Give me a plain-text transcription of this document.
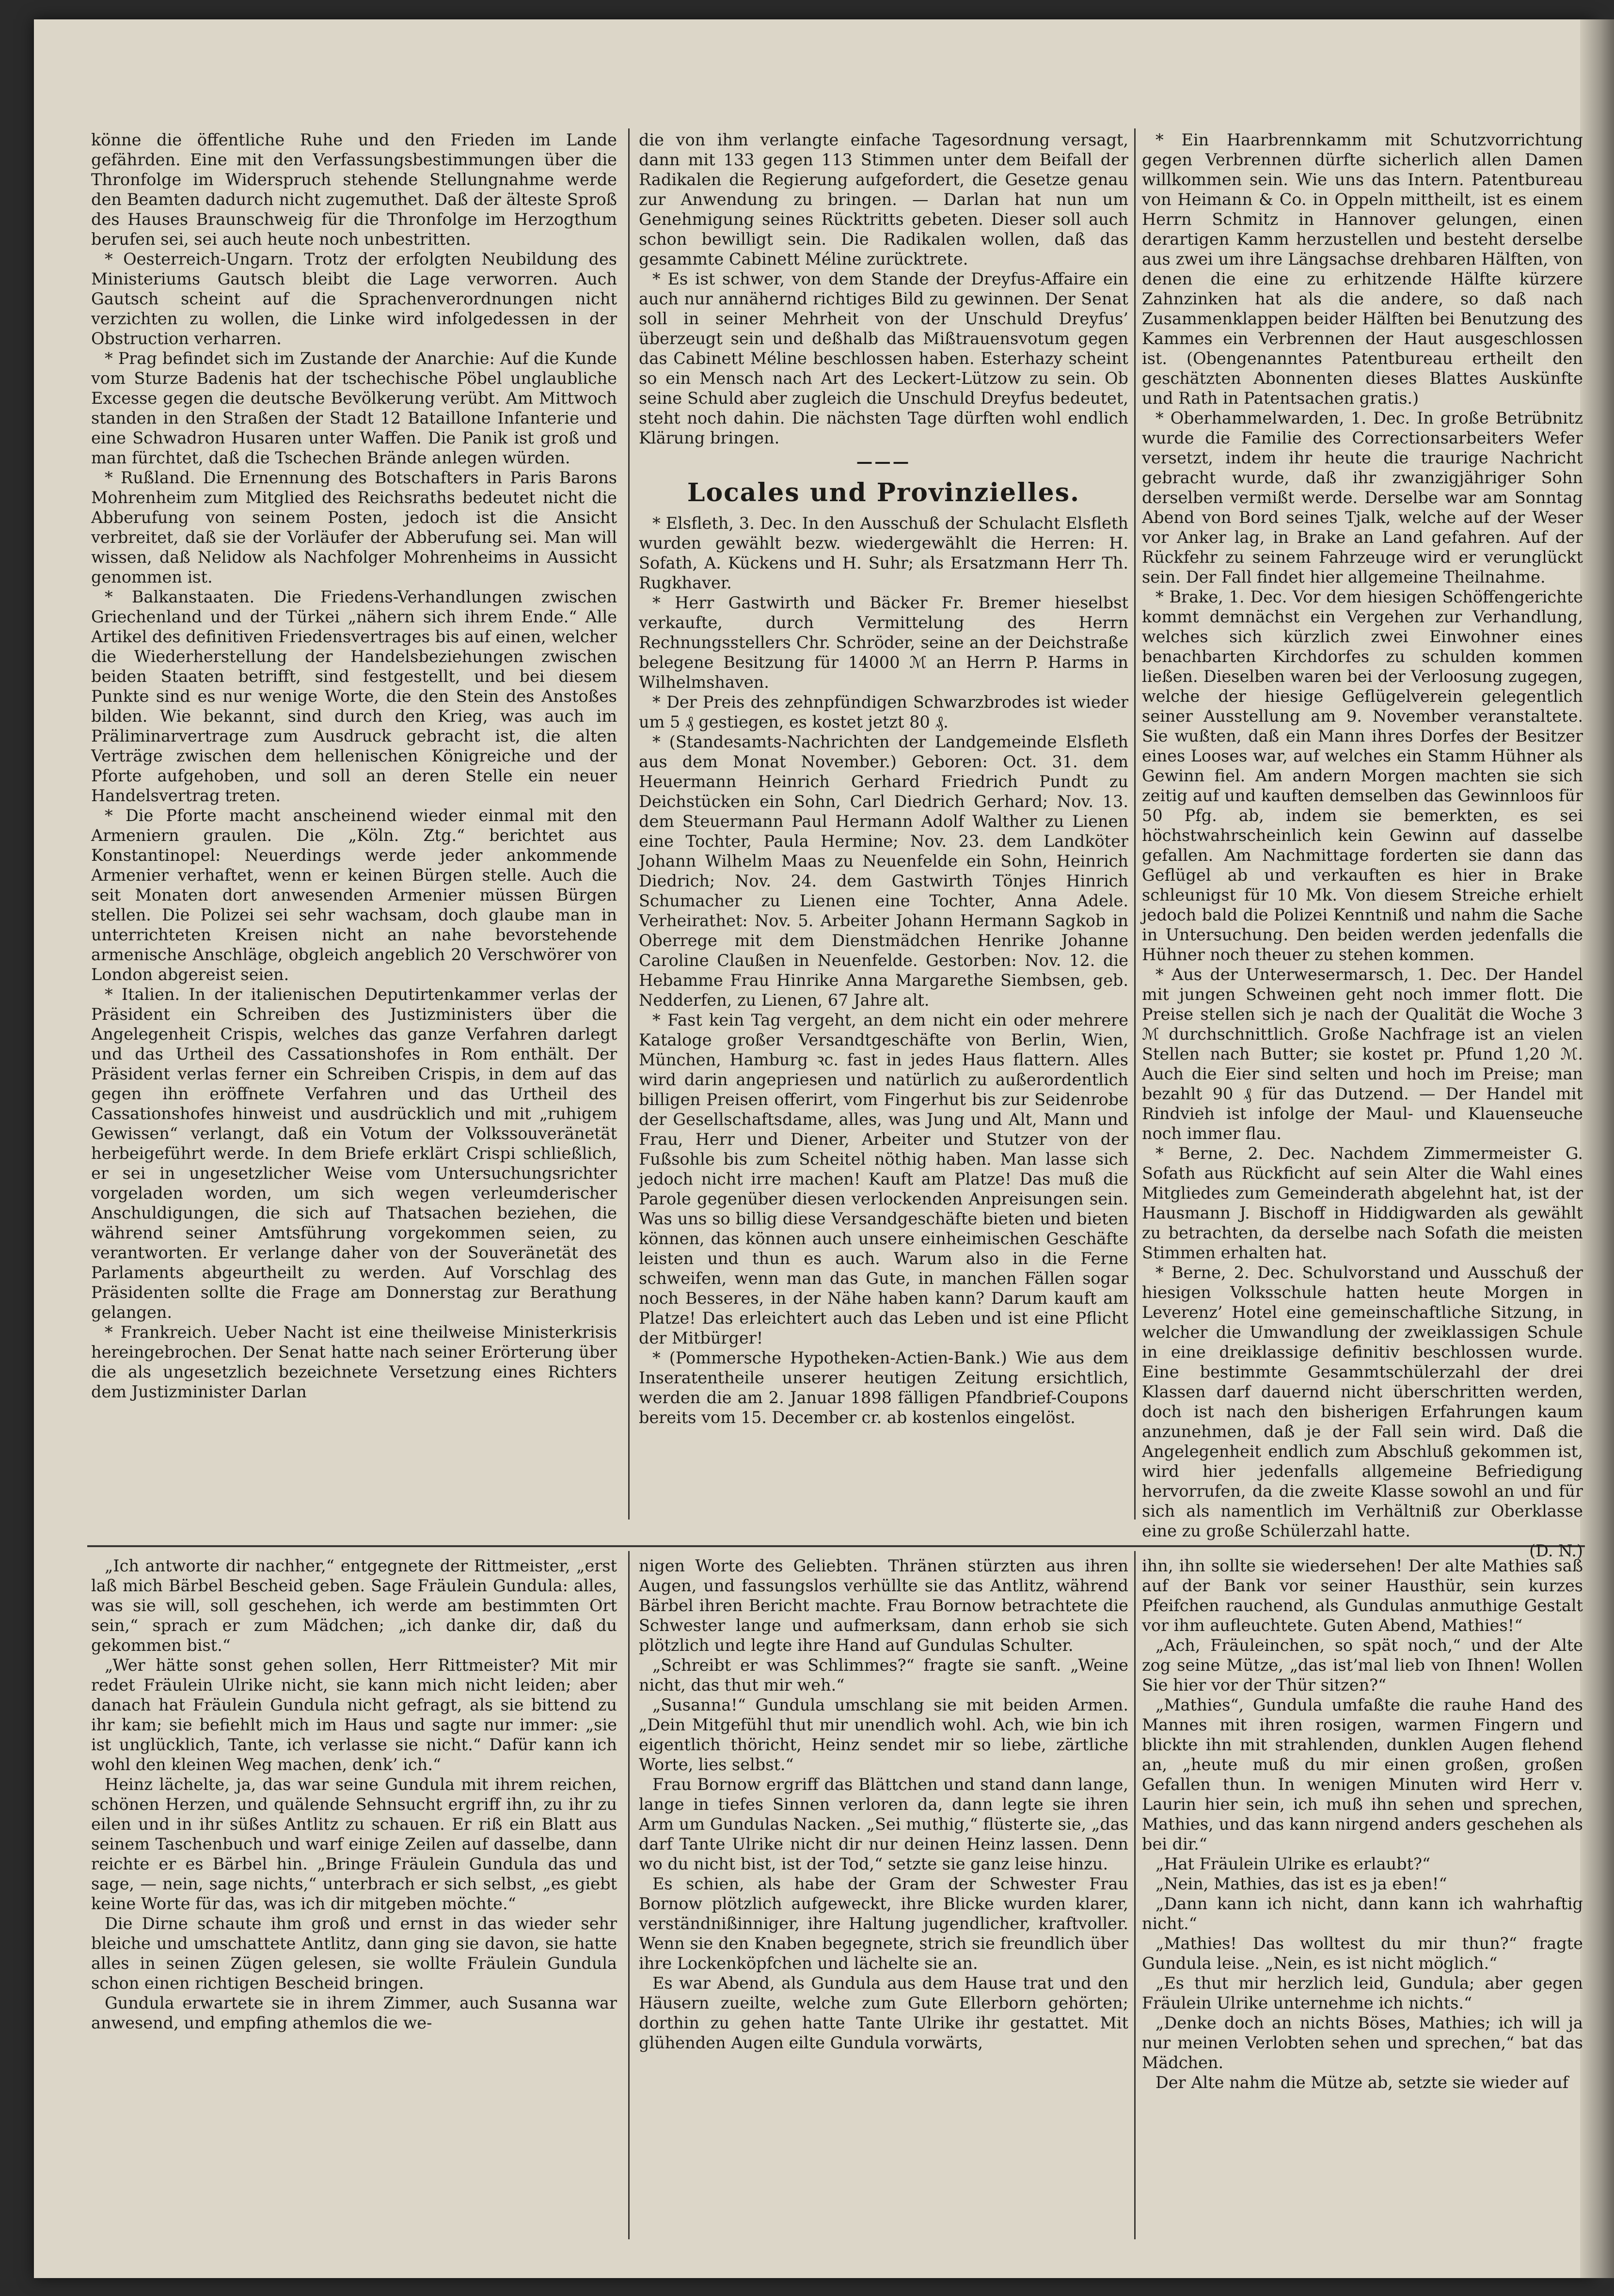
könne die öffentliche Ruhe und den Frieden im Lande gefährden. Eine mit den Verfassungsbestimmungen über die Thronfolge im Widerspruch stehende Stellungnahme werde den Beamten dadurch nicht zugemuthet. Daß der älteste Sproß des Hauses Braunschweig für die Thronfolge im Herzogthum berufen sei, sei auch heute noch unbestritten.

* Oesterreich-Ungarn. Trotz der erfolgten Neubildung des Ministeriums Gautsch bleibt die Lage verworren. Auch Gautsch scheint auf die Sprachenverordnungen nicht verzichten zu wollen, die Linke wird infolgedessen in der Obstruction verharren.

* Prag befindet sich im Zustande der Anarchie: Auf die Kunde vom Sturze Badenis hat der tschechische Pöbel unglaubliche Excesse gegen die deutsche Bevölkerung verübt. Am Mittwoch standen in den Straßen der Stadt 12 Bataillone Infanterie und eine Schwadron Husaren unter Waffen. Die Panik ist groß und man fürchtet, daß die Tschechen Brände anlegen würden.

* Rußland. Die Ernennung des Botschafters in Paris Barons Mohrenheim zum Mitglied des Reichsraths bedeutet nicht die Abberufung von seinem Posten, jedoch ist die Ansicht verbreitet, daß sie der Vorläufer der Abberufung sei. Man will wissen, daß Nelidow als Nachfolger Mohrenheims in Aussicht genommen ist.

* Balkanstaaten. Die Friedens-Verhandlungen zwischen Griechenland und der Türkei „nähern sich ihrem Ende.“ Alle Artikel des definitiven Friedensvertrages bis auf einen, welcher die Wiederherstellung der Handelsbeziehungen zwischen beiden Staaten betrifft, sind festgestellt, und bei diesem Punkte sind es nur wenige Worte, die den Stein des Anstoßes bilden. Wie bekannt, sind durch den Krieg, was auch im Präliminarvertrage zum Ausdruck gebracht ist, die alten Verträge zwischen dem hellenischen Königreiche und der Pforte aufgehoben, und soll an deren Stelle ein neuer Handelsvertrag treten.

* Die Pforte macht anscheinend wieder einmal mit den Armeniern graulen. Die „Köln. Ztg.“ berichtet aus Konstantinopel: Neuerdings werde jeder ankommende Armenier verhaftet, wenn er keinen Bürgen stelle. Auch die seit Monaten dort anwesenden Armenier müssen Bürgen stellen. Die Polizei sei sehr wachsam, doch glaube man in unterrichteten Kreisen nicht an nahe bevorstehende armenische Anschläge, obgleich angeblich 20 Verschwörer von London abgereist seien.

* Italien. In der italienischen Deputirtenkammer verlas der Präsident ein Schreiben des Justizministers über die Angelegenheit Crispis, welches das ganze Verfahren darlegt und das Urtheil des Cassationshofes in Rom enthält. Der Präsident verlas ferner ein Schreiben Crispis, in dem auf das gegen ihn eröffnete Verfahren und das Urtheil des Cassationshofes hinweist und ausdrücklich und mit „ruhigem Gewissen“ verlangt, daß ein Votum der Volkssouveränetät herbeigeführt werde. In dem Briefe erklärt Crispi schließlich, er sei in ungesetzlicher Weise vom Untersuchungsrichter vorgeladen worden, um sich wegen verleumderischer Anschuldigungen, die sich auf Thatsachen beziehen, die während seiner Amtsführung vorgekommen seien, zu verantworten. Er verlange daher von der Souveränetät des Parlaments abgeurtheilt zu werden. Auf Vorschlag des Präsidenten sollte die Frage am Donnerstag zur Berathung gelangen.

* Frankreich. Ueber Nacht ist eine theilweise Ministerkrisis hereingebrochen. Der Senat hatte nach seiner Erörterung über die als ungesetzlich bezeichnete Versetzung eines Richters dem Justizminister Darlan

die von ihm verlangte einfache Tagesordnung versagt, dann mit 133 gegen 113 Stimmen unter dem Beifall der Radikalen die Regierung aufgefordert, die Gesetze genau zur Anwendung zu bringen. — Darlan hat nun um Genehmigung seines Rücktritts gebeten. Dieser soll auch schon bewilligt sein. Die Radikalen wollen, daß das gesammte Cabinett Méline zurücktrete.

* Es ist schwer, von dem Stande der Dreyfus-Affaire ein auch nur annähernd richtiges Bild zu gewinnen. Der Senat soll in seiner Mehrheit von der Unschuld Dreyfus’ überzeugt sein und deßhalb das Mißtrauensvotum gegen das Cabinett Méline beschlossen haben. Esterhazy scheint so ein Mensch nach Art des Leckert-Lützow zu sein. Ob seine Schuld aber zugleich die Unschuld Dreyfus bedeutet, steht noch dahin. Die nächsten Tage dürften wohl endlich Klärung bringen.

———
Locales und Provinzielles.

* Elsfleth, 3. Dec. In den Ausschuß der Schulacht Elsfleth wurden gewählt bezw. wiedergewählt die Herren: H. Sofath, A. Kückens und H. Suhr; als Ersatzmann Herr Th. Rugkhaver.

* Herr Gastwirth und Bäcker Fr. Bremer hieselbst verkaufte, durch Vermittelung des Herrn Rechnungsstellers Chr. Schröder, seine an der Deichstraße belegene Besitzung für 14000 ℳ an Herrn P. Harms in Wilhelmshaven.

* Der Preis des zehnpfündigen Schwarzbrodes ist wieder um 5 ₰ gestiegen, es kostet jetzt 80 ₰.

* (Standesamts-Nachrichten der Landgemeinde Elsfleth aus dem Monat November.) Geboren: Oct. 31. dem Heuermann Heinrich Gerhard Friedrich Pundt zu Deichstücken ein Sohn, Carl Diedrich Gerhard; Nov. 13. dem Steuermann Paul Hermann Adolf Walther zu Lienen eine Tochter, Paula Hermine; Nov. 23. dem Landköter Johann Wilhelm Maas zu Neuenfelde ein Sohn, Heinrich Diedrich; Nov. 24. dem Gastwirth Tönjes Hinrich Schumacher zu Lienen eine Tochter, Anna Adele. Verheirathet: Nov. 5. Arbeiter Johann Hermann Sagkob in Oberrege mit dem Dienstmädchen Henrike Johanne Caroline Claußen in Neuenfelde. Gestorben: Nov. 12. die Hebamme Frau Hinrike Anna Margarethe Siembsen, geb. Nedderfen, zu Lienen, 67 Jahre alt.

* Fast kein Tag vergeht, an dem nicht ein oder mehrere Kataloge großer Versandtgeschäfte von Berlin, Wien, München, Hamburg ꝛc. fast in jedes Haus flattern. Alles wird darin angepriesen und natürlich zu außerordentlich billigen Preisen offerirt, vom Fingerhut bis zur Seidenrobe der Gesellschaftsdame, alles, was Jung und Alt, Mann und Frau, Herr und Diener, Arbeiter und Stutzer von der Fußsohle bis zum Scheitel nöthig haben. Man lasse sich jedoch nicht irre machen! Kauft am Platze! Das muß die Parole gegenüber diesen verlockenden Anpreisungen sein. Was uns so billig diese Versandgeschäfte bieten und bieten können, das können auch unsere einheimischen Geschäfte leisten und thun es auch. Warum also in die Ferne schweifen, wenn man das Gute, in manchen Fällen sogar noch Besseres, in der Nähe haben kann? Darum kauft am Platze! Das erleichtert auch das Leben und ist eine Pflicht der Mitbürger!

* (Pommersche Hypotheken-Actien-Bank.) Wie aus dem Inseratentheile unserer heutigen Zeitung ersichtlich, werden die am 2. Januar 1898 fälligen Pfandbrief-Coupons bereits vom 15. December cr. ab kostenlos eingelöst.

* Ein Haarbrennkamm mit Schutzvorrichtung gegen Verbrennen dürfte sicherlich allen Damen willkommen sein. Wie uns das Intern. Patentbureau von Heimann & Co. in Oppeln mittheilt, ist es einem Herrn Schmitz in Hannover gelungen, einen derartigen Kamm herzustellen und besteht derselbe aus zwei um ihre Längsachse drehbaren Hälften, von denen die eine zu erhitzende Hälfte kürzere Zahnzinken hat als die andere, so daß nach Zusammenklappen beider Hälften bei Benutzung des Kammes ein Verbrennen der Haut ausgeschlossen ist. (Obengenanntes Patentbureau ertheilt den geschätzten Abonnenten dieses Blattes Auskünfte und Rath in Patentsachen gratis.)

* Oberhammelwarden, 1. Dec. In große Betrübnitz wurde die Familie des Correctionsarbeiters Wefer versetzt, indem ihr heute die traurige Nachricht gebracht wurde, daß ihr zwanzigjähriger Sohn derselben vermißt werde. Derselbe war am Sonntag Abend von Bord seines Tjalk, welche auf der Weser vor Anker lag, in Brake an Land gefahren. Auf der Rückfehr zu seinem Fahrzeuge wird er verunglückt sein. Der Fall findet hier allgemeine Theilnahme.

* Brake, 1. Dec. Vor dem hiesigen Schöffengerichte kommt demnächst ein Vergehen zur Verhandlung, welches sich kürzlich zwei Einwohner eines benachbarten Kirchdorfes zu schulden kommen ließen. Dieselben waren bei der Verloosung zugegen, welche der hiesige Geflügelverein gelegentlich seiner Ausstellung am 9. November veranstaltete. Sie wußten, daß ein Mann ihres Dorfes der Besitzer eines Looses war, auf welches ein Stamm Hühner als Gewinn fiel. Am andern Morgen machten sie sich zeitig auf und kauften demselben das Gewinnloos für 50 Pfg. ab, indem sie bemerkten, es sei höchstwahrscheinlich kein Gewinn auf dasselbe gefallen. Am Nachmittage forderten sie dann das Geflügel ab und verkauften es hier in Brake schleunigst für 10 Mk. Von diesem Streiche erhielt jedoch bald die Polizei Kenntniß und nahm die Sache in Untersuchung. Den beiden werden jedenfalls die Hühner noch theuer zu stehen kommen.

* Aus der Unterwesermarsch, 1. Dec. Der Handel mit jungen Schweinen geht noch immer flott. Die Preise stellen sich je nach der Qualität die Woche 3 ℳ durchschnittlich. Große Nachfrage ist an vielen Stellen nach Butter; sie kostet pr. Pfund 1,20 ℳ. Auch die Eier sind selten und hoch im Preise; man bezahlt 90 ₰ für das Dutzend. — Der Handel mit Rindvieh ist infolge der Maul- und Klauenseuche noch immer flau.

* Berne, 2. Dec. Nachdem Zimmermeister G. Sofath aus Rückficht auf sein Alter die Wahl eines Mitgliedes zum Gemeinderath abgelehnt hat, ist der Hausmann J. Bischoff in Hiddigwarden als gewählt zu betrachten, da derselbe nach Sofath die meisten Stimmen erhalten hat.

* Berne, 2. Dec. Schulvorstand und Ausschuß der hiesigen Volksschule hatten heute Morgen in Leverenz’ Hotel eine gemeinschaftliche Sitzung, in welcher die Umwandlung der zweiklassigen Schule in eine dreiklassige definitiv beschlossen wurde. Eine bestimmte Gesammtschülerzahl der drei Klassen darf dauernd nicht überschritten werden, doch ist nach den bisherigen Erfahrungen kaum anzunehmen, daß je der Fall sein wird. Daß die Angelegenheit endlich zum Abschluß gekommen ist, wird hier jedenfalls allgemeine Befriedigung hervorrufen, da die zweite Klasse sowohl an und für sich als namentlich im Verhältniß zur Oberklasse eine zu große Schülerzahl hatte.

(D. N.)

„Ich antworte dir nachher,“ entgegnete der Rittmeister, „erst laß mich Bärbel Bescheid geben. Sage Fräulein Gundula: alles, was sie will, soll geschehen, ich werde am bestimmten Ort sein,“ sprach er zum Mädchen; „ich danke dir, daß du gekommen bist.“

„Wer hätte sonst gehen sollen, Herr Rittmeister? Mit mir redet Fräulein Ulrike nicht, sie kann mich nicht leiden; aber danach hat Fräulein Gundula nicht gefragt, als sie bittend zu ihr kam; sie befiehlt mich im Haus und sagte nur immer: „sie ist unglücklich, Tante, ich verlasse sie nicht.“ Dafür kann ich wohl den kleinen Weg machen, denk’ ich.“

Heinz lächelte, ja, das war seine Gundula mit ihrem reichen, schönen Herzen, und quälende Sehnsucht ergriff ihn, zu ihr zu eilen und in ihr süßes Antlitz zu schauen. Er riß ein Blatt aus seinem Taschenbuch und warf einige Zeilen auf dasselbe, dann reichte er es Bärbel hin. „Bringe Fräulein Gundula das und sage, — nein, sage nichts,“ unterbrach er sich selbst, „es giebt keine Worte für das, was ich dir mitgeben möchte.“

Die Dirne schaute ihm groß und ernst in das wieder sehr bleiche und umschattete Antlitz, dann ging sie davon, sie hatte alles in seinen Zügen gelesen, sie wollte Fräulein Gundula schon einen richtigen Bescheid bringen.

Gundula erwartete sie in ihrem Zimmer, auch Susanna war anwesend, und empfing athemlos die we-

nigen Worte des Geliebten. Thränen stürzten aus ihren Augen, und fassungslos verhüllte sie das Antlitz, während Bärbel ihren Bericht machte. Frau Bornow betrachtete die Schwester lange und aufmerksam, dann erhob sie sich plötzlich und legte ihre Hand auf Gundulas Schulter.

„Schreibt er was Schlimmes?“ fragte sie sanft. „Weine nicht, das thut mir weh.“

„Susanna!“ Gundula umschlang sie mit beiden Armen. „Dein Mitgefühl thut mir unendlich wohl. Ach, wie bin ich eigentlich thöricht, Heinz sendet mir so liebe, zärtliche Worte, lies selbst.“

Frau Bornow ergriff das Blättchen und stand dann lange, lange in tiefes Sinnen verloren da, dann legte sie ihren Arm um Gundulas Nacken. „Sei muthig,“ flüsterte sie, „das darf Tante Ulrike nicht dir nur deinen Heinz lassen. Denn wo du nicht bist, ist der Tod,“ setzte sie ganz leise hinzu.

Es schien, als habe der Gram der Schwester Frau Bornow plötzlich aufgeweckt, ihre Blicke wurden klarer, verständnißinniger, ihre Haltung jugendlicher, kraftvoller. Wenn sie den Knaben begegnete, strich sie freundlich über ihre Lockenköpfchen und lächelte sie an.

Es war Abend, als Gundula aus dem Hause trat und den Häusern zueilte, welche zum Gute Ellerborn gehörten; dorthin zu gehen hatte Tante Ulrike ihr gestattet. Mit glühenden Augen eilte Gundula vorwärts,

ihn, ihn sollte sie wiedersehen! Der alte Mathies saß auf der Bank vor seiner Hausthür, sein kurzes Pfeifchen rauchend, als Gundulas anmuthige Gestalt vor ihm aufleuchtete. Guten Abend, Mathies!“

„Ach, Fräuleinchen, so spät noch,“ und der Alte zog seine Mütze, „das ist’mal lieb von Ihnen! Wollen Sie hier vor der Thür sitzen?“

„Mathies“, Gundula umfaßte die rauhe Hand des Mannes mit ihren rosigen, warmen Fingern und blickte ihn mit strahlenden, dunklen Augen flehend an, „heute muß du mir einen großen, großen Gefallen thun. In wenigen Minuten wird Herr v. Laurin hier sein, ich muß ihn sehen und sprechen, Mathies, und das kann nirgend anders geschehen als bei dir.“

„Hat Fräulein Ulrike es erlaubt?“

„Nein, Mathies, das ist es ja eben!“

„Dann kann ich nicht, dann kann ich wahrhaftig nicht.“

„Mathies! Das wolltest du mir thun?“ fragte Gundula leise. „Nein, es ist nicht möglich.“

„Es thut mir herzlich leid, Gundula; aber gegen Fräulein Ulrike unternehme ich nichts.“

„Denke doch an nichts Böses, Mathies; ich will ja nur meinen Verlobten sehen und sprechen,“ bat das Mädchen.

Der Alte nahm die Mütze ab, setzte sie wieder auf
